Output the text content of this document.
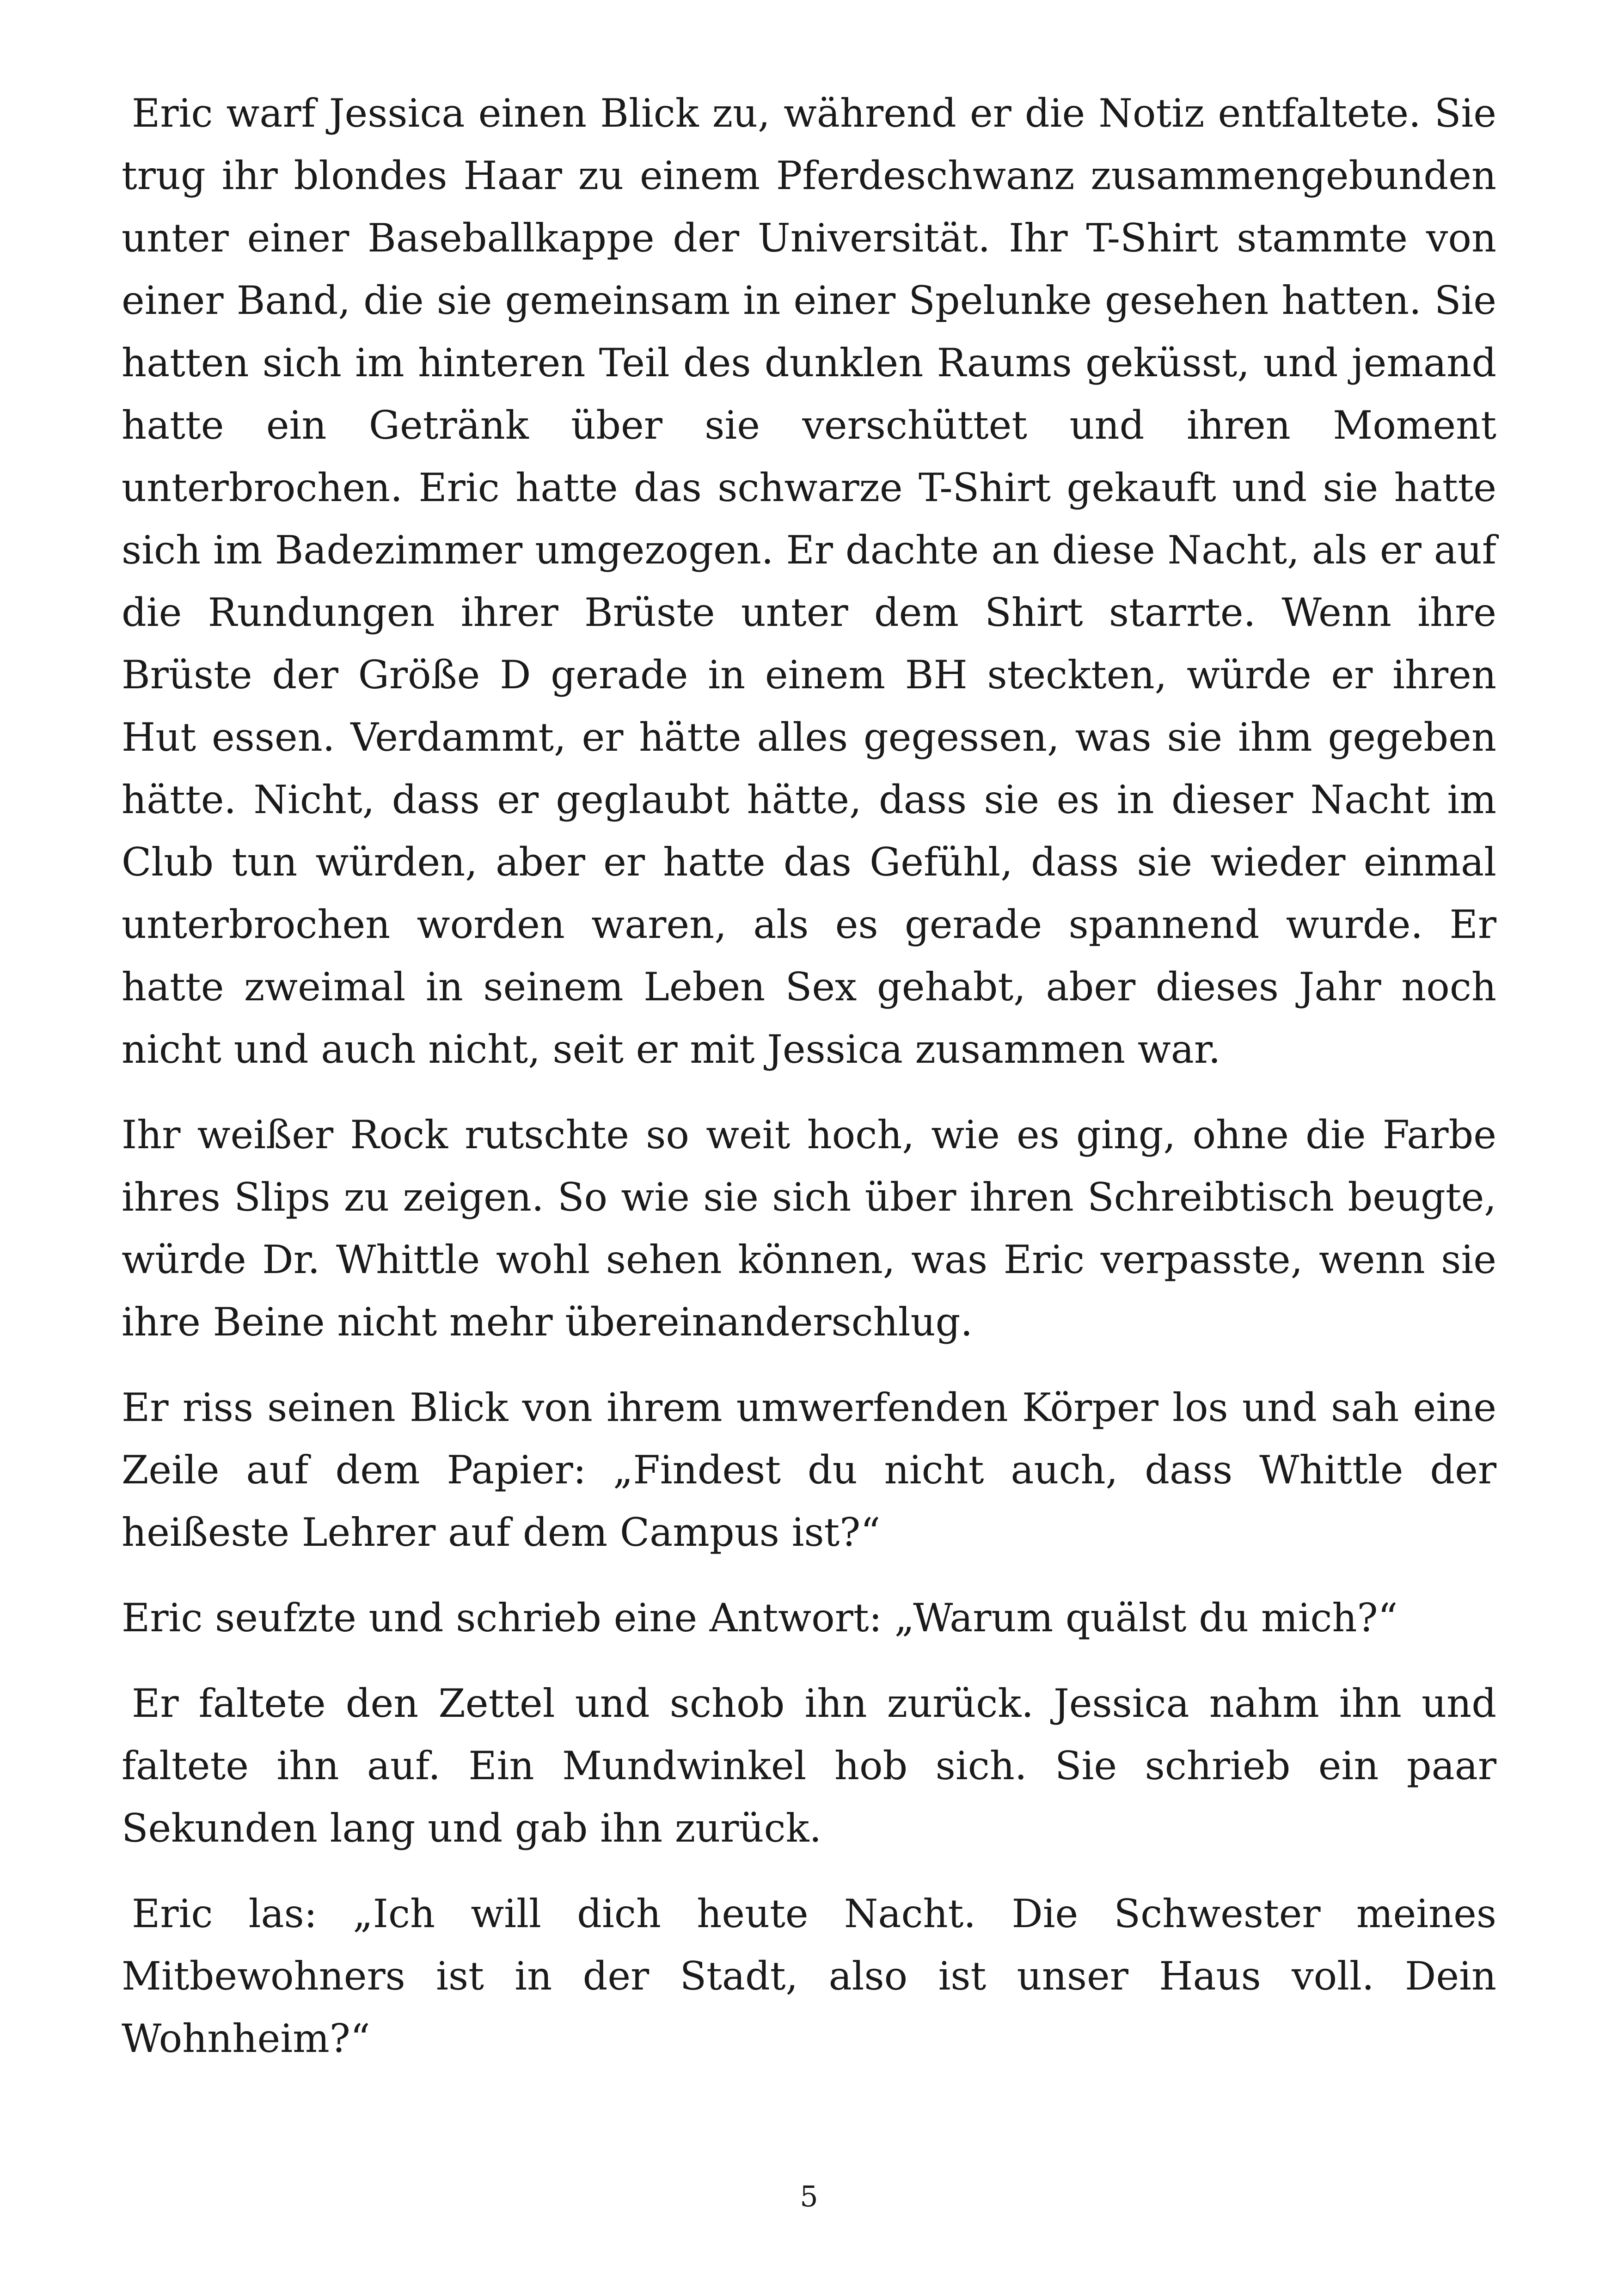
Eric warf Jessica einen Blick zu, während er die Notiz entfaltete. Sie trug ihr blondes Haar zu einem Pferdeschwanz zusammengebunden unter einer Baseballkappe der Universität. Ihr T-Shirt stammte von einer Band, die sie gemeinsam in einer Spelunke gesehen hatten. Sie hatten sich im hinteren Teil des dunklen Raums geküsst, und jemand hatte ein Getränk über sie verschüttet und ihren Moment unterbrochen. Eric hatte das schwarze T-Shirt gekauft und sie hatte sich im Badezimmer umgezogen. Er dachte an diese Nacht, als er auf die Rundungen ihrer Brüste unter dem Shirt starrte. Wenn ihre Brüste der Größe D gerade in einem BH steckten, würde er ihren Hut essen. Verdammt, er hätte alles gegessen, was sie ihm gegeben hätte. Nicht, dass er geglaubt hätte, dass sie es in dieser Nacht im Club tun würden, aber er hatte das Gefühl, dass sie wieder einmal unterbrochen worden waren, als es gerade spannend wurde. Er hatte zweimal in seinem Leben Sex gehabt, aber dieses Jahr noch nicht und auch nicht, seit er mit Jessica zusammen war.

Ihr weißer Rock rutschte so weit hoch, wie es ging, ohne die Farbe ihres Slips zu zeigen. So wie sie sich über ihren Schreibtisch beugte, würde Dr. Whittle wohl sehen können, was Eric verpasste, wenn sie ihre Beine nicht mehr übereinanderschlug.

Er riss seinen Blick von ihrem umwerfenden Körper los und sah eine Zeile auf dem Papier: „Findest du nicht auch, dass Whittle der heißeste Lehrer auf dem Campus ist?“

Eric seufzte und schrieb eine Antwort: „Warum quälst du mich?“

Er faltete den Zettel und schob ihn zurück. Jessica nahm ihn und faltete ihn auf. Ein Mundwinkel hob sich. Sie schrieb ein paar Sekunden lang und gab ihn zurück.

Eric las: „Ich will dich heute Nacht. Die Schwester meines Mitbewohners ist in der Stadt, also ist unser Haus voll. Dein Wohnheim?“

5
